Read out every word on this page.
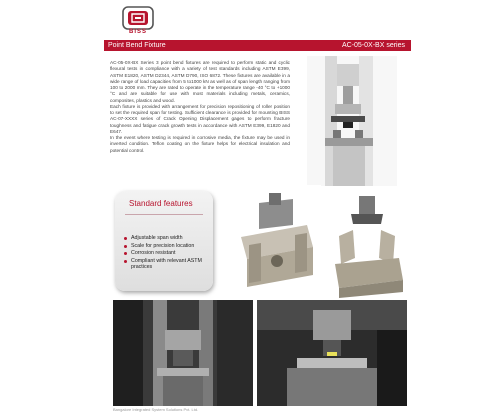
BISS
Point Bend Fixture	AC-05-0X-BX series

AC-05-0X-BX Series 3 point bend fixtures are required to perform static and cyclic flexural tests in compliance with a variety of test standards including ASTM E399, ASTM E1820, ASTM D2344, ASTM D790, ISO 6872. These fixtures are available in a wide range of load capacities from 5 to1000 kN as well as of span length ranging from 100 to 2000 mm. They are rated to operate in the temperature range -40 °C to +1000 °C and are suitable for use with most materials including metals, ceramics, composites, plastics and wood.

Each fixture is provided with arrangement for precision repositioning of roller position to set the required span for testing. Sufficient clearance is provided for mounting BISS AC-07-XXXX series of Crack Opening Displacement gages to perform fracture toughness and fatigue crack growth tests in accordance with ASTM E399, E1820 and E647.

In the event where testing is required in corrosive media, the fixture may be used in inverted condition. Teflon coating on the fixture helps for electrical insulation and potential control.

Standard features
Adjustable span width
Scale for precision location
Corrosion resistant
Compliant with relevant ASTM practices
Bangalore Integrated System Solutions Pvt. Ltd.
